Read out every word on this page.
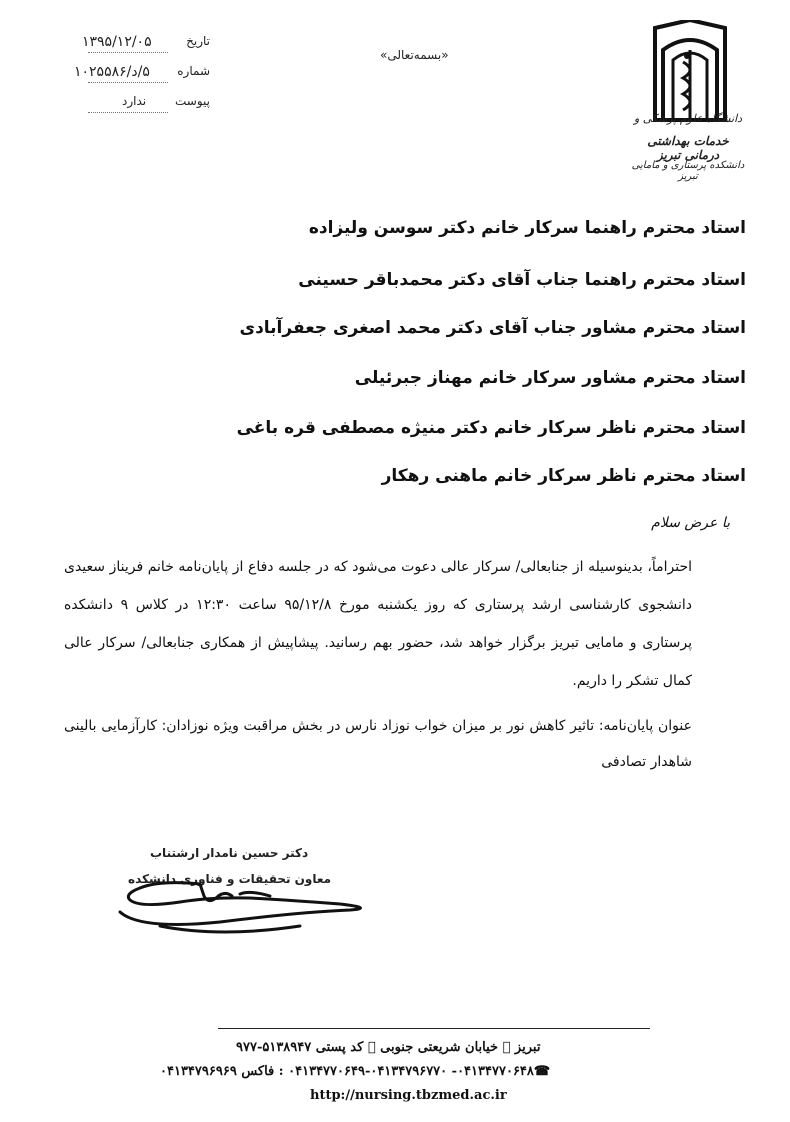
۱۳۹۵/۱۲/۰۵	تاریخ
۵/د/۱۰۲۵۵۸۶ شماره
ندارد پیوست
«بسمه‌تعالی»
دانشگاه علوم پزشکی و
خدمات بهداشتی درمانی تبریز
دانشکده پرستاری و مامایی تبریز
استاد محترم راهنما سرکار خانم دکتر سوسن ولیزاده
استاد محترم راهنما جناب آقای دکتر محمدباقر حسینی
استاد محترم مشاور جناب آقای دکتر محمد اصغری جعفرآبادی
استاد محترم مشاور سرکار خانم مهناز جبرئیلی
استاد محترم ناظر سرکار خانم دکتر منیژه مصطفی قره باغی
استاد محترم ناظر سرکار خانم ماهنی رهکار
با عرض سلام
احتراماً، بدینوسیله از جنابعالی/ سرکار عالی دعوت می‌شود که در جلسه دفاع از پایان‌نامه خانم فریناز سعیدی دانشجوی کارشناسی ارشد پرستاری که روز یکشنبه مورخ ۹۵/۱۲/۸ ساعت ۱۲:۳۰ در کلاس ۹ دانشکده پرستاری و مامایی تبریز برگزار خواهد شد، حضور بهم رسانید. پیشاپیش از همکاری جنابعالی/ سرکار عالی کمال تشکر را داریم.
عنوان پایان‌نامه: تاثیر کاهش نور بر میزان خواب نوزاد نارس در بخش مراقبت ویژه نوزادان: کارآزمایی بالینی شاهدار تصادفی
دکتر حسین نامدار ارشتناب
معاون تحقیقات و فناوری دانشکده
تبریز ⃞ خیابان شریعتی جنوبی ⃞ کد پستی ۵۱۳۸۹۴۷-۹۷۷
☎۰۴۱۳۴۷۷۰۶۴۸- ۰۴۱۳۴۷۷۰۶۴۹-۰۴۱۳۴۷۹۶۷۷۰ : فاکس ۰۴۱۳۴۷۹۶۹۶۹
http://nursing.tbzmed.ac.ir
